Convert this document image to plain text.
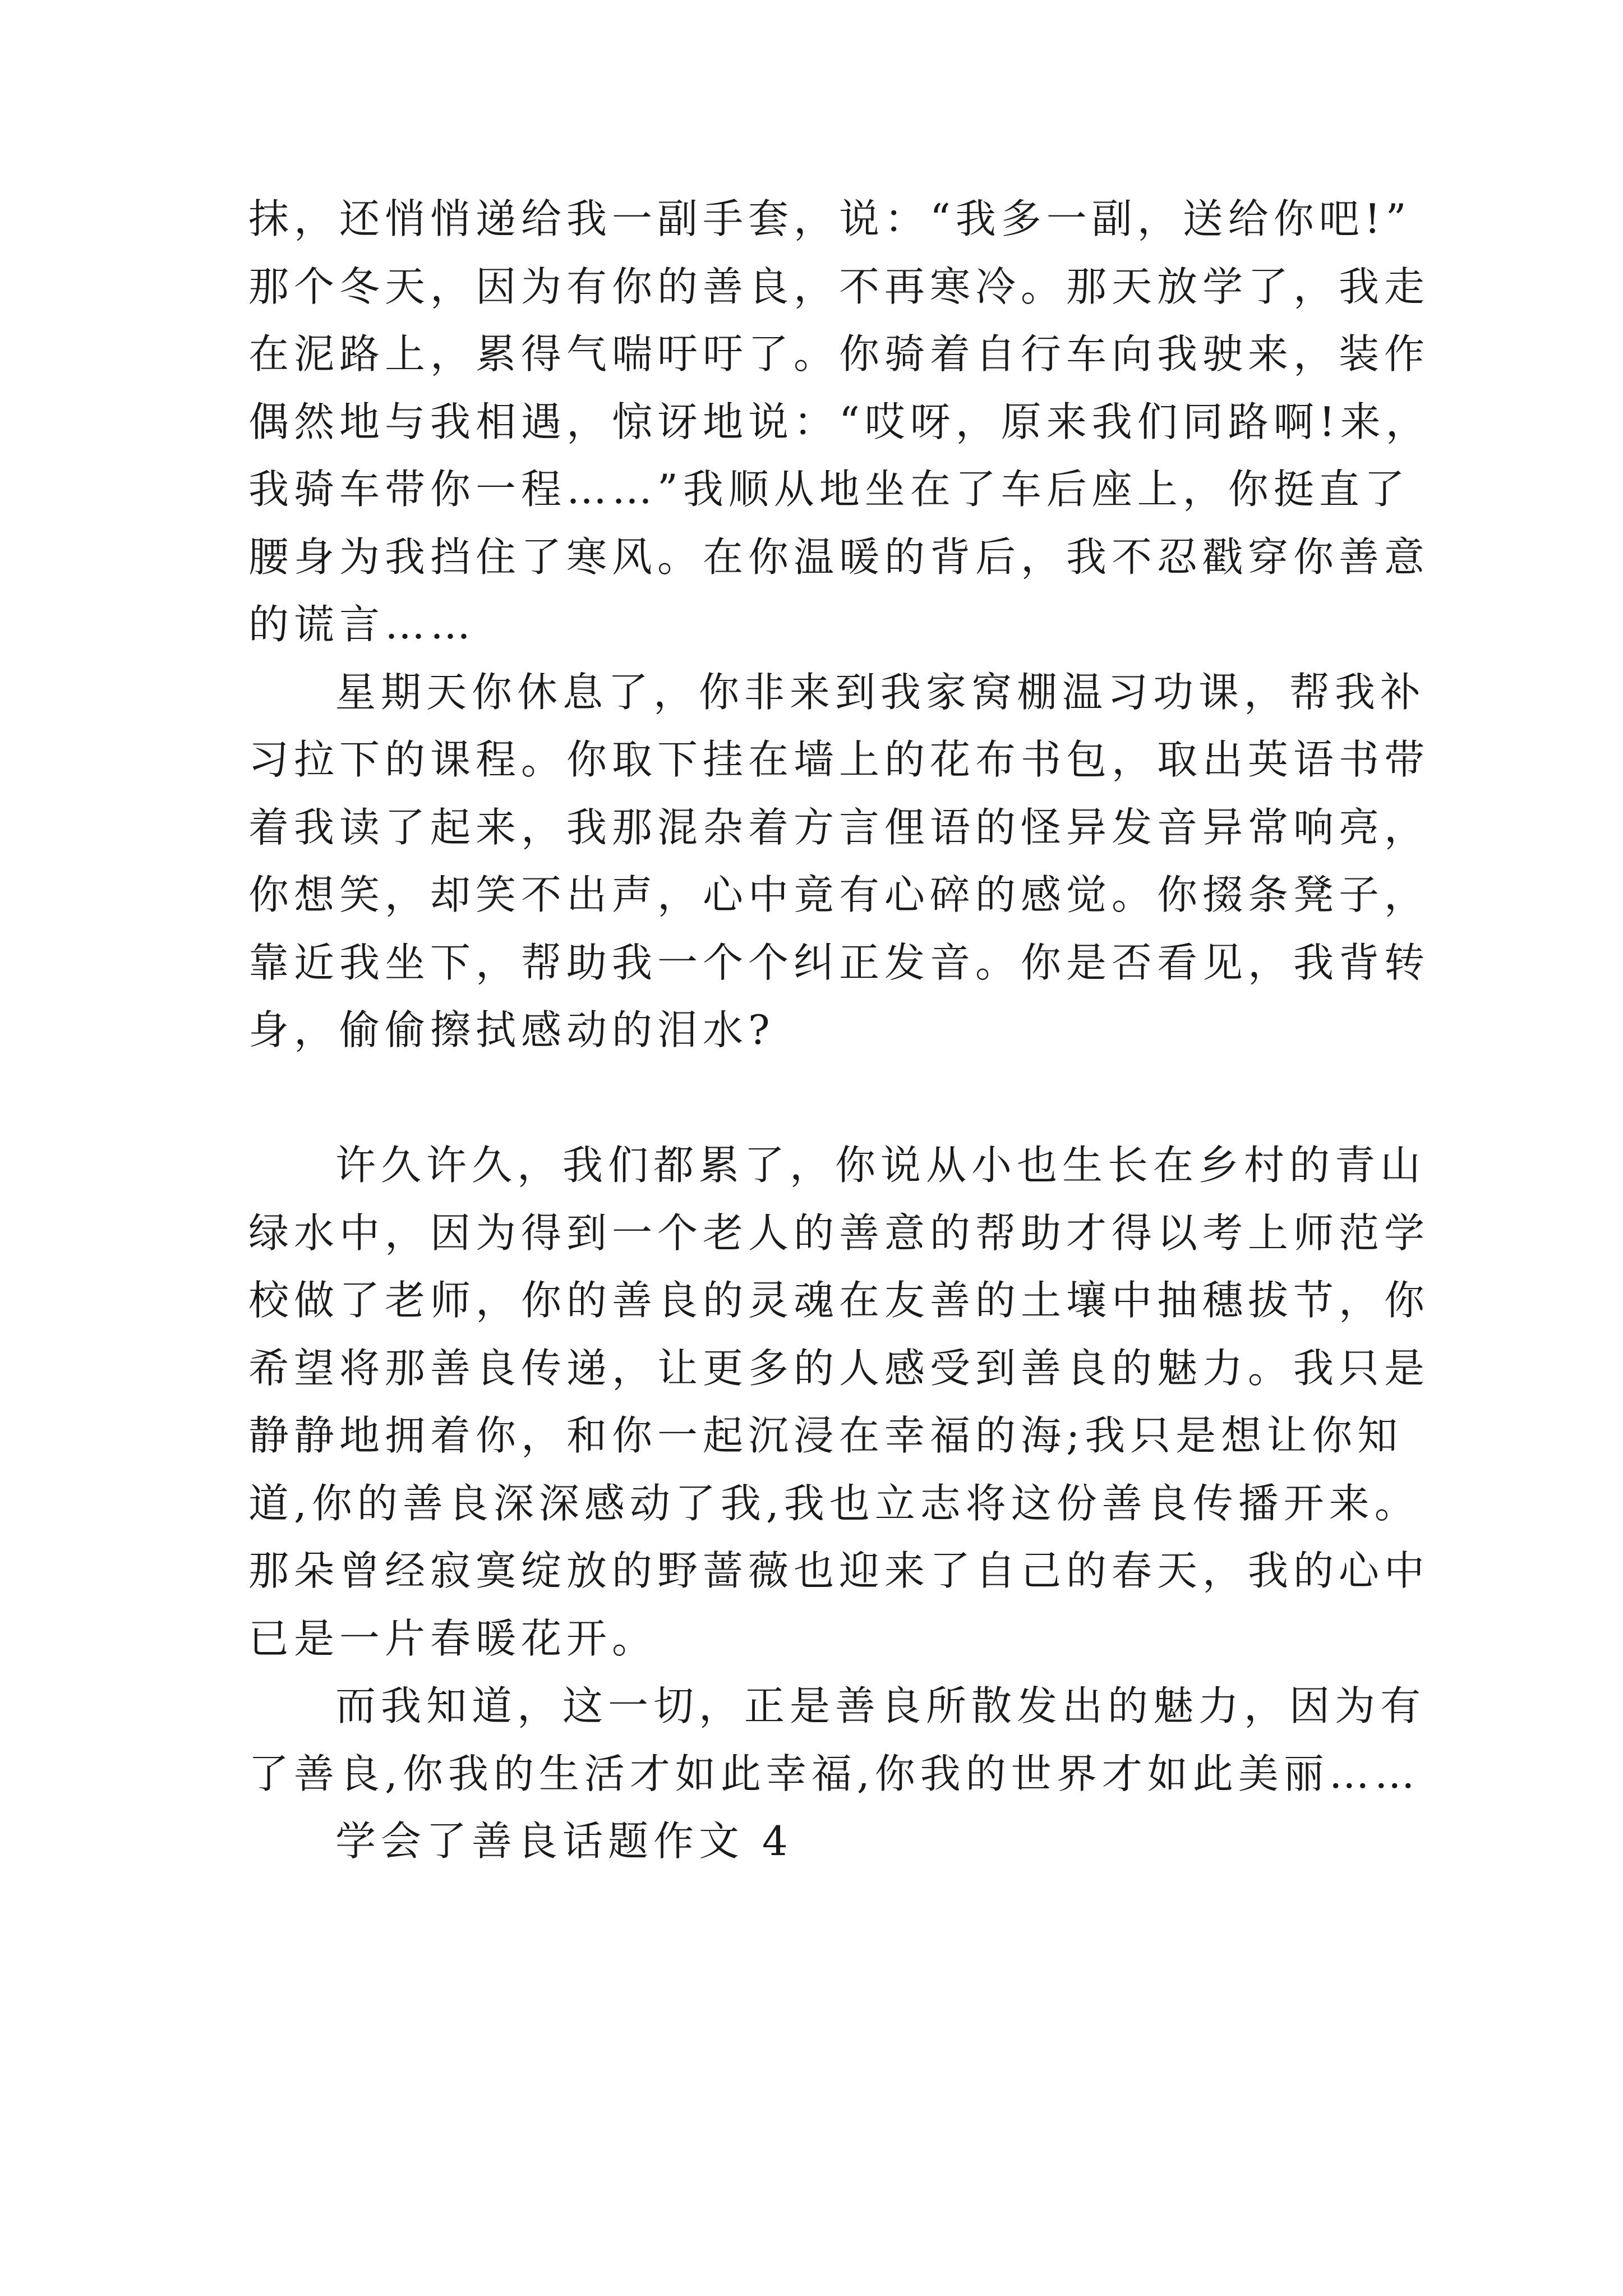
抹，还悄悄递给我一副手套，说：“我多一副，送给你吧!”
那个冬天，因为有你的善良，不再寒冷。那天放学了，我走
在泥路上，累得气喘吁吁了。你骑着自行车向我驶来，装作
偶然地与我相遇，惊讶地说：“哎呀，原来我们同路啊!来，
我骑车带你一程……”我顺从地坐在了车后座上，你挺直了
腰身为我挡住了寒风。在你温暖的背后，我不忍戳穿你善意
的谎言……
星期天你休息了，你非来到我家窝棚温习功课，帮我补
习拉下的课程。你取下挂在墙上的花布书包，取出英语书带
着我读了起来，我那混杂着方言俚语的怪异发音异常响亮，
你想笑，却笑不出声，心中竟有心碎的感觉。你掇条凳子，
靠近我坐下，帮助我一个个纠正发音。你是否看见，我背转
身，偷偷擦拭感动的泪水?
许久许久，我们都累了，你说从小也生长在乡村的青山
绿水中，因为得到一个老人的善意的帮助才得以考上师范学
校做了老师，你的善良的灵魂在友善的土壤中抽穗拔节，你
希望将那善良传递，让更多的人感受到善良的魅力。我只是
静静地拥着你，和你一起沉浸在幸福的海;我只是想让你知
道,你的善良深深感动了我,我也立志将这份善良传播开来。
那朵曾经寂寞绽放的野蔷薇也迎来了自己的春天，我的心中
已是一片春暖花开。
而我知道，这一切，正是善良所散发出的魅力，因为有
了善良,你我的生活才如此幸福,你我的世界才如此美丽……
学会了善良话题作文 4
